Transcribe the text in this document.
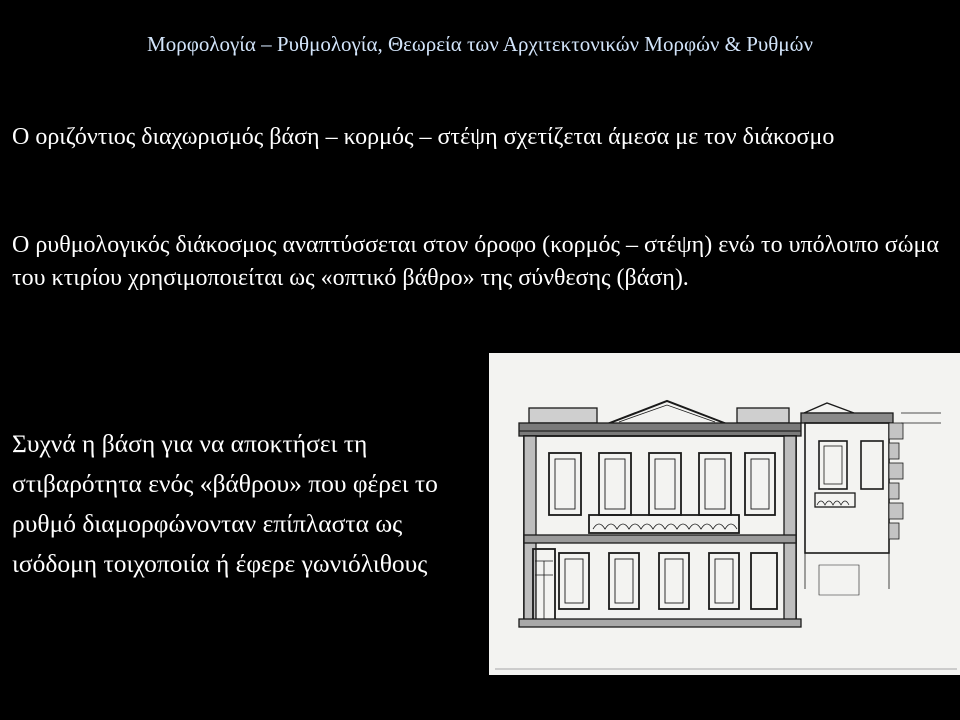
Μορφολογία – Ρυθμολογία, Θεωρεία των Αρχιτεκτονικών Μορφών & Ρυθμών

Ο οριζόντιος διαχωρισμός βάση – κορμός – στέψη σχετίζεται άμεσα με τον διάκοσμο

Ο ρυθμολογικός διάκοσμος αναπτύσσεται στον όροφο (κορμός – στέψη) ενώ το υπόλοιπο σώμα του κτιρίου χρησιμοποιείται ως «οπτικό βάθρο» της σύνθεσης (βάση).

Συχνά η βάση για να αποκτήσει τη στιβαρότητα ενός «βάθρου» που φέρει το ρυθμό διαμορφώνονταν επίπλαστα ως ισόδομη τοιχοποιία ή έφερε γωνιόλιθους
